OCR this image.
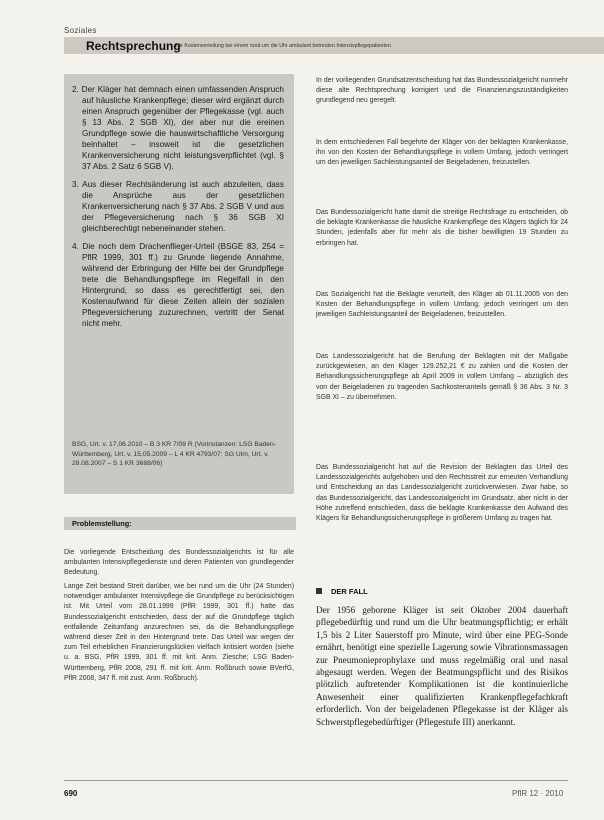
Soziales
Rechtsprechung
Zur Kostenverteilung bei einem rund um die Uhr ambulant betreuten Intensivpflegepatienten
2. Der Kläger hat demnach einen umfassenden Anspruch auf häusliche Krankenpflege; dieser wird ergänzt durch einen Anspruch gegenüber der Pflegekasse (vgl. auch § 13 Abs. 2 SGB XI), der aber nur die ereinen Grundpflege sowie die hauswirtschaftliche Versorgung beinhaltet – insoweit ist die gesetzlichen Krankenversicherung nicht leistungsverpflichtet (vgl. § 37 Abs. 2 Satz 6 SGB V).
3. Aus dieser Rechtsänderung ist auch abzuleiten, dass die Ansprüche aus der gesetzlichen Krankenversicherung nach § 37 Abs. 2 SGB V und aus der Pflegeversicherung nach § 36 SGB XI gleichberechtigt nebeneinander stehen.
4. Die noch dem Drachenflieger-Urteil (BSGE 83, 254 = PflR 1999, 301 ff.) zu Grunde liegende Annahme, während der Erbringung der Hilfe bei der Grundpflege trete die Behandlungspflege im Regelfall in den Hintergrund, so dass es gerechtfertigt sei, den Kostenaufwand für diese Zeiten allein der sozialen Pflegeversicherung zuzurechnen, vertritt der Senat nicht mehr.
BSG, Urt. v. 17.06.2010 – B 3 KR 7/09 R (Vorinstanzen: LSG Baden-Württemberg, Urt. v. 15.05.2009 – L 4 KR 4793/07; SG Ulm, Urt. v. 28.08.2007 – S 1 KR 3688/06)
Problemstellung:

Die vorliegende Entscheidung des Bundessozialgerichts ist für alle ambulanten Intensivpflegedienste und deren Patienten von grundlegender Bedeutung.

Lange Zeit bestand Streit darüber, wie bei rund um die Uhr (24 Stunden) notwendiger ambulanter Intensivpflege die Grundpflege zu berücksichtigen ist. Mit Urteil vom 28.01.1999 (PflR 1999, 301 ff.) hatte das Bundessozialgericht entschieden, dass der auf die Grundpflege täglich entfallende Zeitumfang anzurechnen sei, da die Behandlungspflege während dieser Zeit in den Hintergrund trete. Das Urteil war wegen der zum Teil erheblichen Finanzierungslücken vielfach kritisiert worden (siehe u. a. BSG, PflR 1999, 301 ff. mit krit. Anm. Ziesche; LSG Baden-Württemberg, PflR 2008, 291 ff. mit krit. Anm. Roßbruch sowie BVerfG, PflR 2008, 347 ff. mit zust. Anm. Roßbruch).

In der vorliegenden Grundsatzentscheidung hat das Bundessozialgericht nunmehr diese alte Rechtsprechung korrigiert und die Finanzierungszuständigkeiten grundlegend neu geregelt.

In dem entschiedenen Fall begehrte der Kläger von der beklagten Krankenkasse, ihn von den Kosten der Behandlungspflege in vollem Umfang, jedoch verringert um den jeweiligen Sachleistungsanteil der Beigeladenen, freizustellen.

Das Bundessozialgericht hatte damit die streitige Rechtsfrage zu entscheiden, ob die beklagte Krankenkasse die häusliche Krankenpflege des Klägers täglich für 24 Stunden, jedenfalls aber für mehr als die bisher bewilligten 19 Stunden zu erbringen hat.

Das Sozialgericht hat die Beklagte verurteilt, den Kläger ab 01.11.2005 von den Kosten der Behandlungspflege in vollem Umfang, jedoch verringert um den jeweiligen Sachleistungsanteil der Beigeladenen, freizustellen.

Das Landessozialgericht hat die Berufung der Beklagten mit der Maßgabe zurückgewiesen, an den Kläger 129.252,21 € zu zahlen und die Kosten der Behandlungssicherungspflege ab April 2009 in vollem Umfang – abzüglich des von der Beigeladenen zu tragenden Sachkostenanteils gemäß § 36 Abs. 3 Nr. 3 SGB XI – zu übernehmen.

Das Bundessozialgericht hat auf die Revision der Beklagten das Urteil des Landessozialgerichts aufgehoben und den Rechtsstreit zur erneuten Verhandlung und Entscheidung an das Landessozialgericht zurückverwiesen. Zwar habe, so das Bundessozialgericht, das Landessozialgericht im Grundsatz, aber nicht in der Höhe zutreffend entschieden, dass die beklagte Krankenkasse den Aufwand des Klägers für Behandlungssicherungspflege in größerem Umfang zu tragen hat.

DER FALL

Der 1956 geborene Kläger ist seit Oktober 2004 dauerhaft pflegebedürftig und rund um die Uhr beatmungspflichtig; er erhält 1,5 bis 2 Liter Sauerstoff pro Minute, wird über eine PEG-Sonde ernährt, benötigt eine spezielle Lagerung sowie Vibrationsmassagen zur Pneumonieprophylaxe und muss regelmäßig oral und nasal abgesaugt werden. Wegen der Beatmungspflicht und des Risikos plötzlich auftretender Komplikationen ist die kontinuierliche Anwesenheit einer qualifizierten Krankenpflegefachkraft erforderlich. Von der beigeladenen Pflegekasse ist der Kläger als Schwerstpflegebedürftiger (Pflegestufe III) anerkannt.

690	PflR 12 · 2010
